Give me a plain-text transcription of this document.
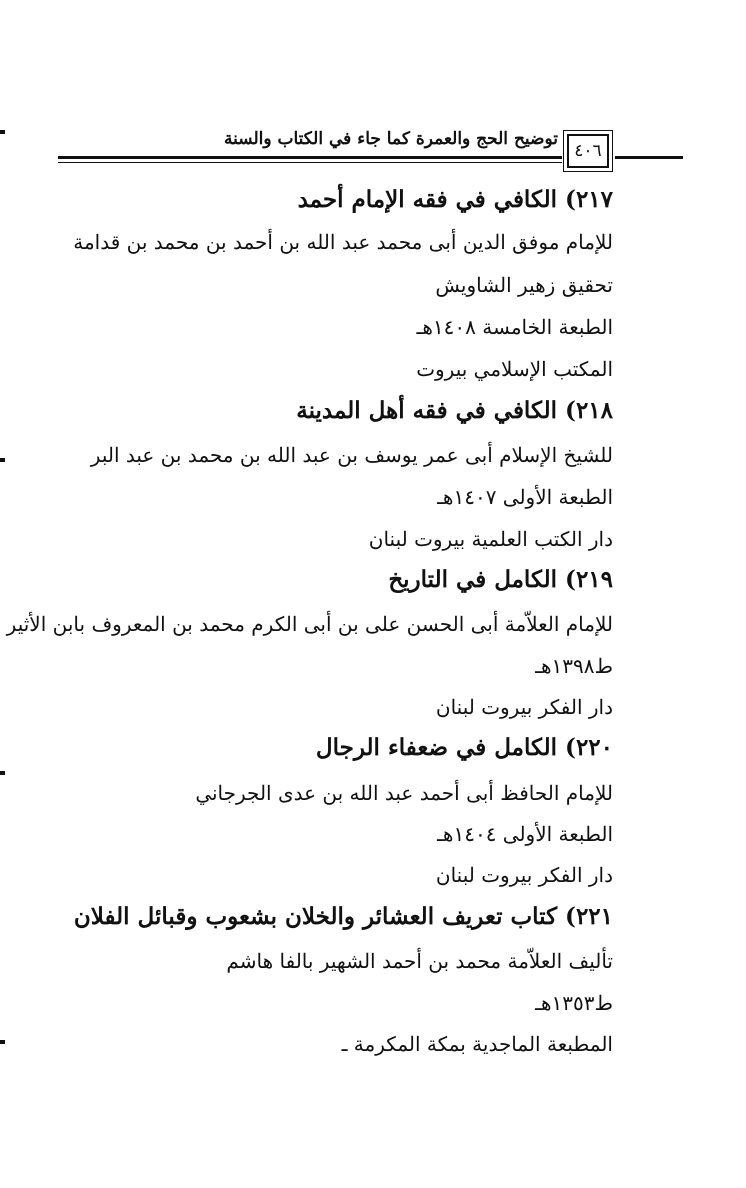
٤٠٦
توضيح الحج والعمرة كما جاء في الكتاب والسنة
٢١٧) الكافي في فقه الإمام أحمد
للإمام موفق الدين أبى محمد عبد الله بن أحمد بن محمد بن قدامة
تحقيق زهير الشاويش
الطبعة الخامسة ١٤٠٨هـ
المكتب الإسلامي بيروت
٢١٨) الكافي في فقه أهل المدينة
للشيخ الإسلام أبى عمر يوسف بن عبد الله بن محمد بن عبد البر
الطبعة الأولى ١٤٠٧هـ
دار الكتب العلمية بيروت لبنان
٢١٩) الكامل في التاريخ
للإمام العلاّمة أبى الحسن على بن أبى الكرم محمد بن المعروف بابن الأثير
ط١٣٩٨هـ
دار الفكر بيروت لبنان
٢٢٠) الكامل في ضعفاء الرجال
للإمام الحافظ أبى أحمد عبد الله بن عدى الجرجاني
الطبعة الأولى ١٤٠٤هـ
دار الفكر بيروت لبنان
٢٢١) كتاب تعريف العشائر والخلان بشعوب وقبائل الفلان
تأليف العلاّمة محمد بن أحمد الشهير بالفا هاشم
ط١٣٥٣هـ
المطبعة الماجدية بمكة المكرمة ـ
